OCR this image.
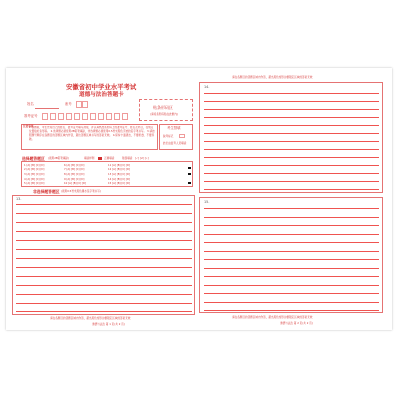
安徽省初中学业水平考试
道德与法治答题卡
姓名	座号
准考证号
贴条形码区
(请将条形码贴在此框内)
注意事项
1.答题前，考生先将自己的姓名、准考证号填写清楚，并认真核准条形码上的准考证号、姓名及科目，在规定位置贴好条形码。 2.选择题必须使用2B铅笔填涂，非选择题必须使用0.5毫米黑色字迹的签字笔书写。 3.请按照题号顺序在各题目的答题区域内作答，超出答题区域书写的答案无效。 4.保持卡面清洁，不要折叠、不要弄破。
考生禁填
缺考标记
此栏由监考人员填涂
选择题答题区 (须用2B铅笔填涂)	填涂样例	正确填涂	错误填涂 [✓] [✗] [•]
1 [A] [B] [C] [D]	6 [A] [B] [C] [D]	11 [A] [B] [C] [D]
2 [A] [B] [C] [D]	7 [A] [B] [C] [D]	12 [A] [B] [C] [D]
3 [A] [B] [C] [D]	8 [A] [B] [C] [D]	13 [A] [B] [C] [D]
4 [A] [B] [C] [D]	9 [A] [B] [C] [D]	14 [A] [B] [C] [D]
5 [A] [B] [C] [D]	10 [A] [B] [C] [D]	15 [A] [B] [C] [D]
非选择题答题区 (须用0.5毫米黑色墨水签字笔书写)
13.
请在各题目的答题区域内作答，超出黑色矩形边框限定区域的答案无效
道德与法治 第 1 页(共 2 页)
请在各题目的答题区域内作答，超出黑色矩形边框限定区域的答案无效
14.
15.
请在各题目的答题区域内作答，超出黑色矩形边框限定区域的答案无效
道德与法治 第 2 页(共 2 页)
